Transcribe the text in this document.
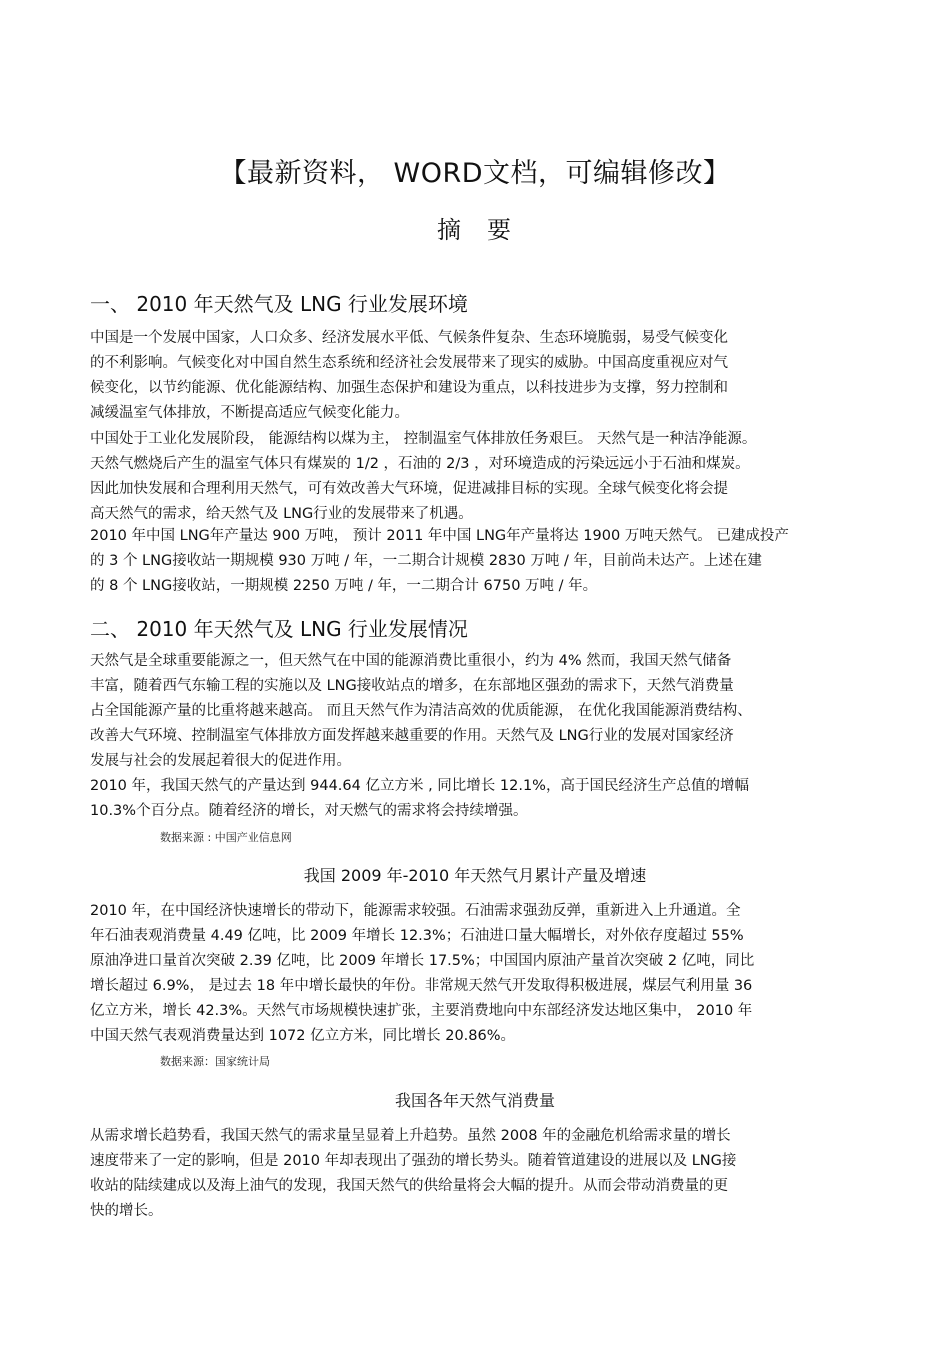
【最新资料， WORD文档，可编辑修改】
摘要
一、 2010 年天然气及 LNG 行业发展环境
中国是一个发展中国家，人口众多、经济发展水平低、气候条件复杂、生态环境脆弱，易受气候变化
的不利影响。气候变化对中国自然生态系统和经济社会发展带来了现实的威胁。中国高度重视应对气
候变化，以节约能源、优化能源结构、加强生态保护和建设为重点，以科技进步为支撑，努力控制和
减缓温室气体排放，不断提高适应气候变化能力。
中国处于工业化发展阶段， 能源结构以煤为主， 控制温室气体排放任务艰巨。 天然气是一种洁净能源。
天然气燃烧后产生的温室气体只有煤炭的 1/2 ，石油的 2/3 ，对环境造成的污染远远小于石油和煤炭。
因此加快发展和合理利用天然气，可有效改善大气环境，促进减排目标的实现。全球气候变化将会提
高天然气的需求，给天然气及 LNG行业的发展带来了机遇。
2010 年中国 LNG年产量达 900 万吨， 预计 2011 年中国 LNG年产量将达 1900 万吨天然气。 已建成投产
的 3 个 LNG接收站一期规模 930 万吨 / 年，一二期合计规模 2830 万吨 / 年，目前尚未达产。上述在建
的 8 个 LNG接收站，一期规模 2250 万吨 / 年，一二期合计 6750 万吨 / 年。
二、 2010 年天然气及 LNG 行业发展情况
天然气是全球重要能源之一，但天然气在中国的能源消费比重很小，约为 4% 然而，我国天然气储备
丰富，随着西气东输工程的实施以及 LNG接收站点的增多，在东部地区强劲的需求下，天然气消费量
占全国能源产量的比重将越来越高。 而且天然气作为清洁高效的优质能源， 在优化我国能源消费结构、
改善大气环境、控制温室气体排放方面发挥越来越重要的作用。天然气及 LNG行业的发展对国家经济
发展与社会的发展起着很大的促进作用。
2010 年，我国天然气的产量达到 944.64 亿立方米 , 同比增长 12.1%，高于国民经济生产总值的增幅
10.3%个百分点。随着经济的增长，对天燃气的需求将会持续增强。
数据来源 : 中国产业信息网
我国 2009 年-2010 年天然气月累计产量及增速
2010 年，在中国经济快速增长的带动下，能源需求较强。石油需求强劲反弹，重新进入上升通道。全
年石油表观消费量 4.49 亿吨，比 2009 年增长 12.3%；石油进口量大幅增长，对外依存度超过 55%
原油净进口量首次突破 2.39 亿吨，比 2009 年增长 17.5%；中国国内原油产量首次突破 2 亿吨，同比
增长超过 6.9%， 是过去 18 年中增长最快的年份。非常规天然气开发取得积极进展，煤层气利用量 36
亿立方米，增长 42.3%。天然气市场规模快速扩张，主要消费地向中东部经济发达地区集中， 2010 年
中国天然气表观消费量达到 1072 亿立方米，同比增长 20.86%。
数据来源：国家统计局
我国各年天然气消费量
从需求增长趋势看，我国天然气的需求量呈显着上升趋势。虽然 2008 年的金融危机给需求量的增长
速度带来了一定的影响，但是 2010 年却表现出了强劲的增长势头。随着管道建设的进展以及 LNG接
收站的陆续建成以及海上油气的发现，我国天然气的供给量将会大幅的提升。从而会带动消费量的更
快的增长。
